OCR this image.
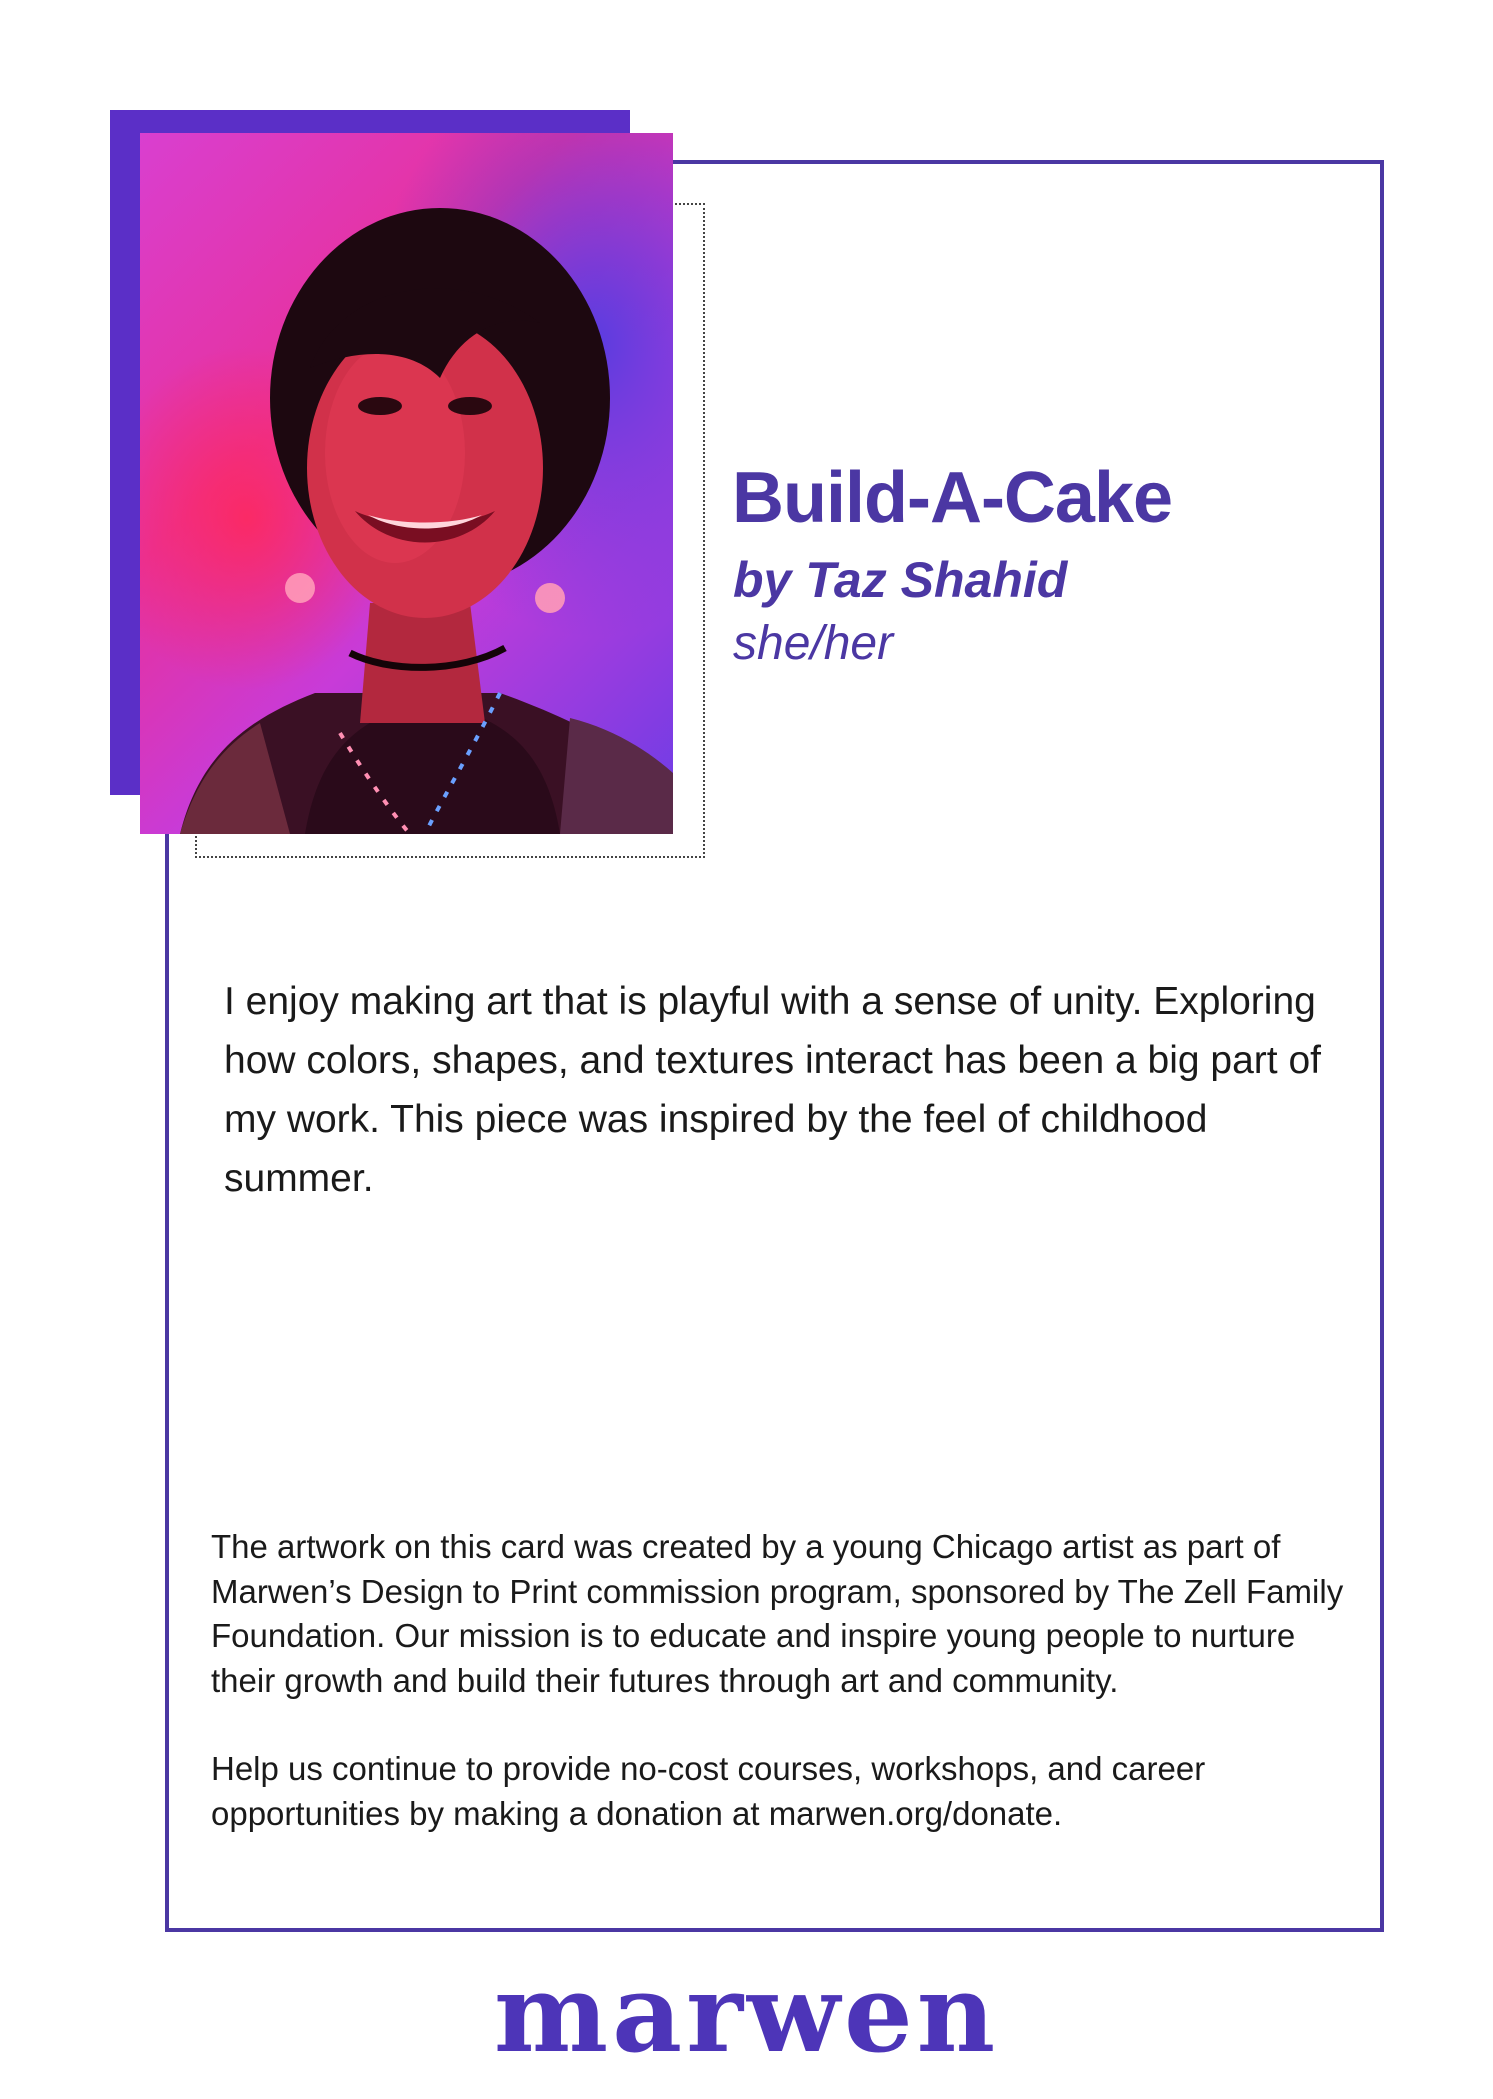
Build-A-Cake
by Taz Shahid
she/her

I enjoy making art that is playful with a sense of unity. Exploring how colors, shapes, and textures interact has been a big part of my work. This piece was inspired by the feel of childhood summer.

The artwork on this card was created by a young Chicago artist as part of Marwen’s Design to Print commission program, sponsored by The Zell Family Foundation. Our mission is to educate and inspire young people to nurture their growth and build their futures through art and community.

Help us continue to provide no-cost courses, workshops, and career opportunities by making a donation at marwen.org/donate.

marwen
